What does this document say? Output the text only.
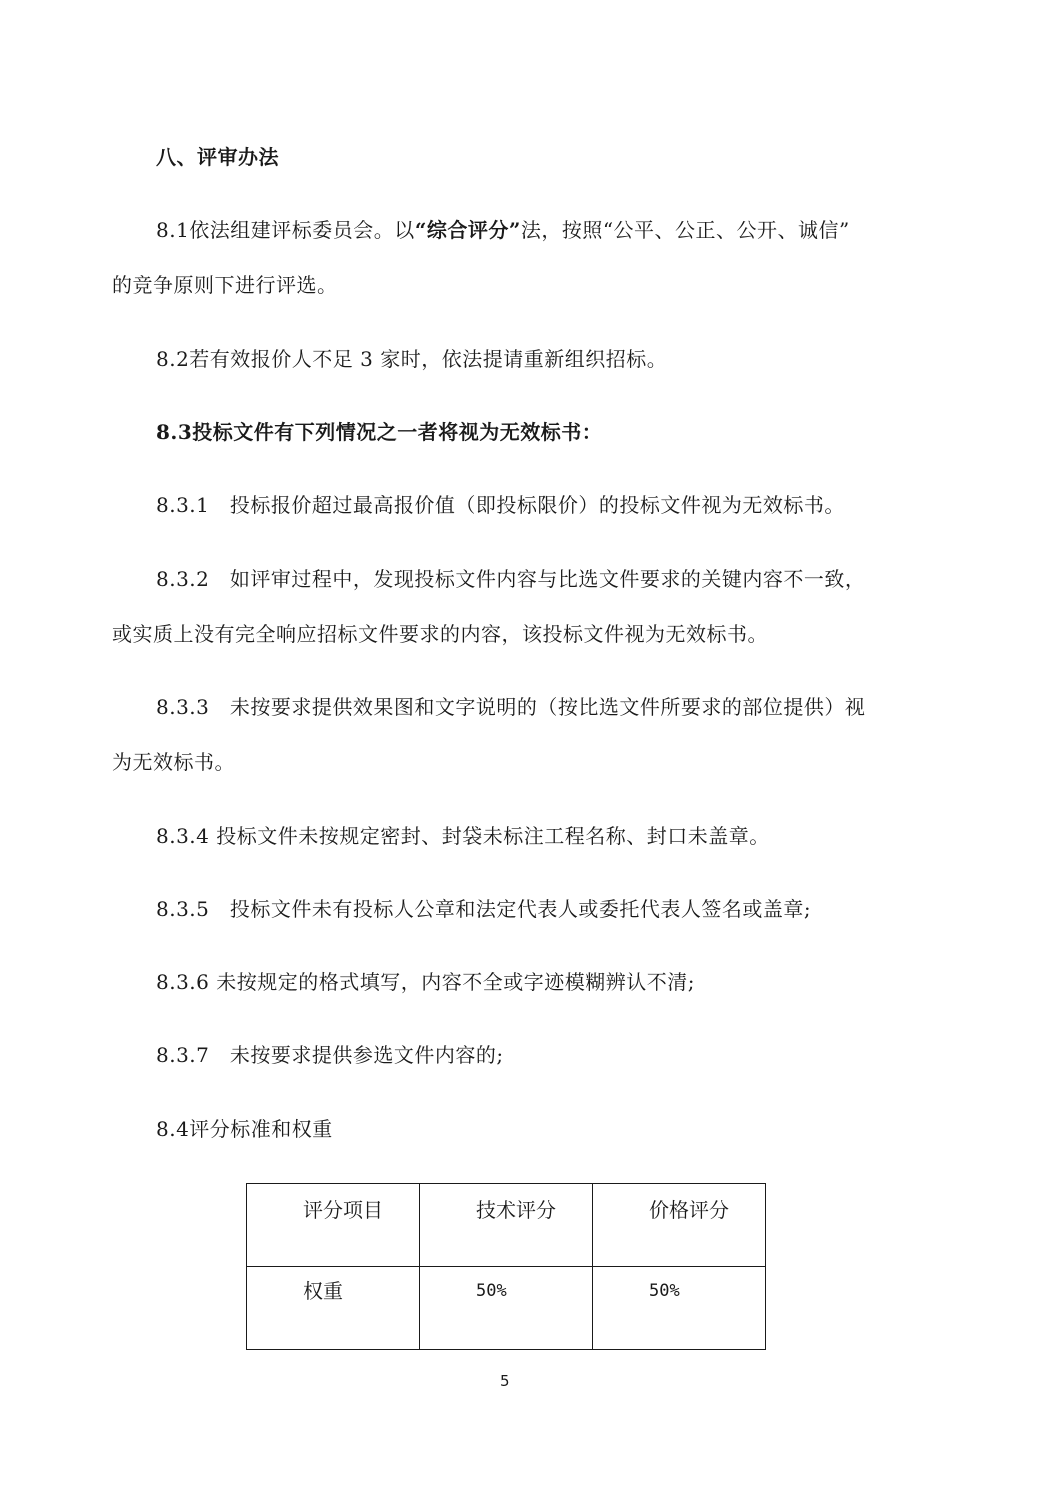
八、评审办法
8.1依法组建评标委员会。以“综合评分”法，按照“公平、公正、公开、诚信”
的竞争原则下进行评选。
8.2若有效报价人不足 3 家时，依法提请重新组织招标。
8.3投标文件有下列情况之一者将视为无效标书：
8.3.1　投标报价超过最高报价值（即投标限价）的投标文件视为无效标书。
8.3.2　如评审过程中，发现投标文件内容与比选文件要求的关键内容不一致，
或实质上没有完全响应招标文件要求的内容，该投标文件视为无效标书。
8.3.3　未按要求提供效果图和文字说明的（按比选文件所要求的部位提供）视
为无效标书。
8.3.4 投标文件未按规定密封、封袋未标注工程名称、封口未盖章。
8.3.5　投标文件未有投标人公章和法定代表人或委托代表人签名或盖章;
8.3.6 未按规定的格式填写，内容不全或字迹模糊辨认不清;
8.3.7　未按要求提供参选文件内容的;
8.4评分标准和权重
评分项目	技术评分	价格评分

权重	50%	50%
5
